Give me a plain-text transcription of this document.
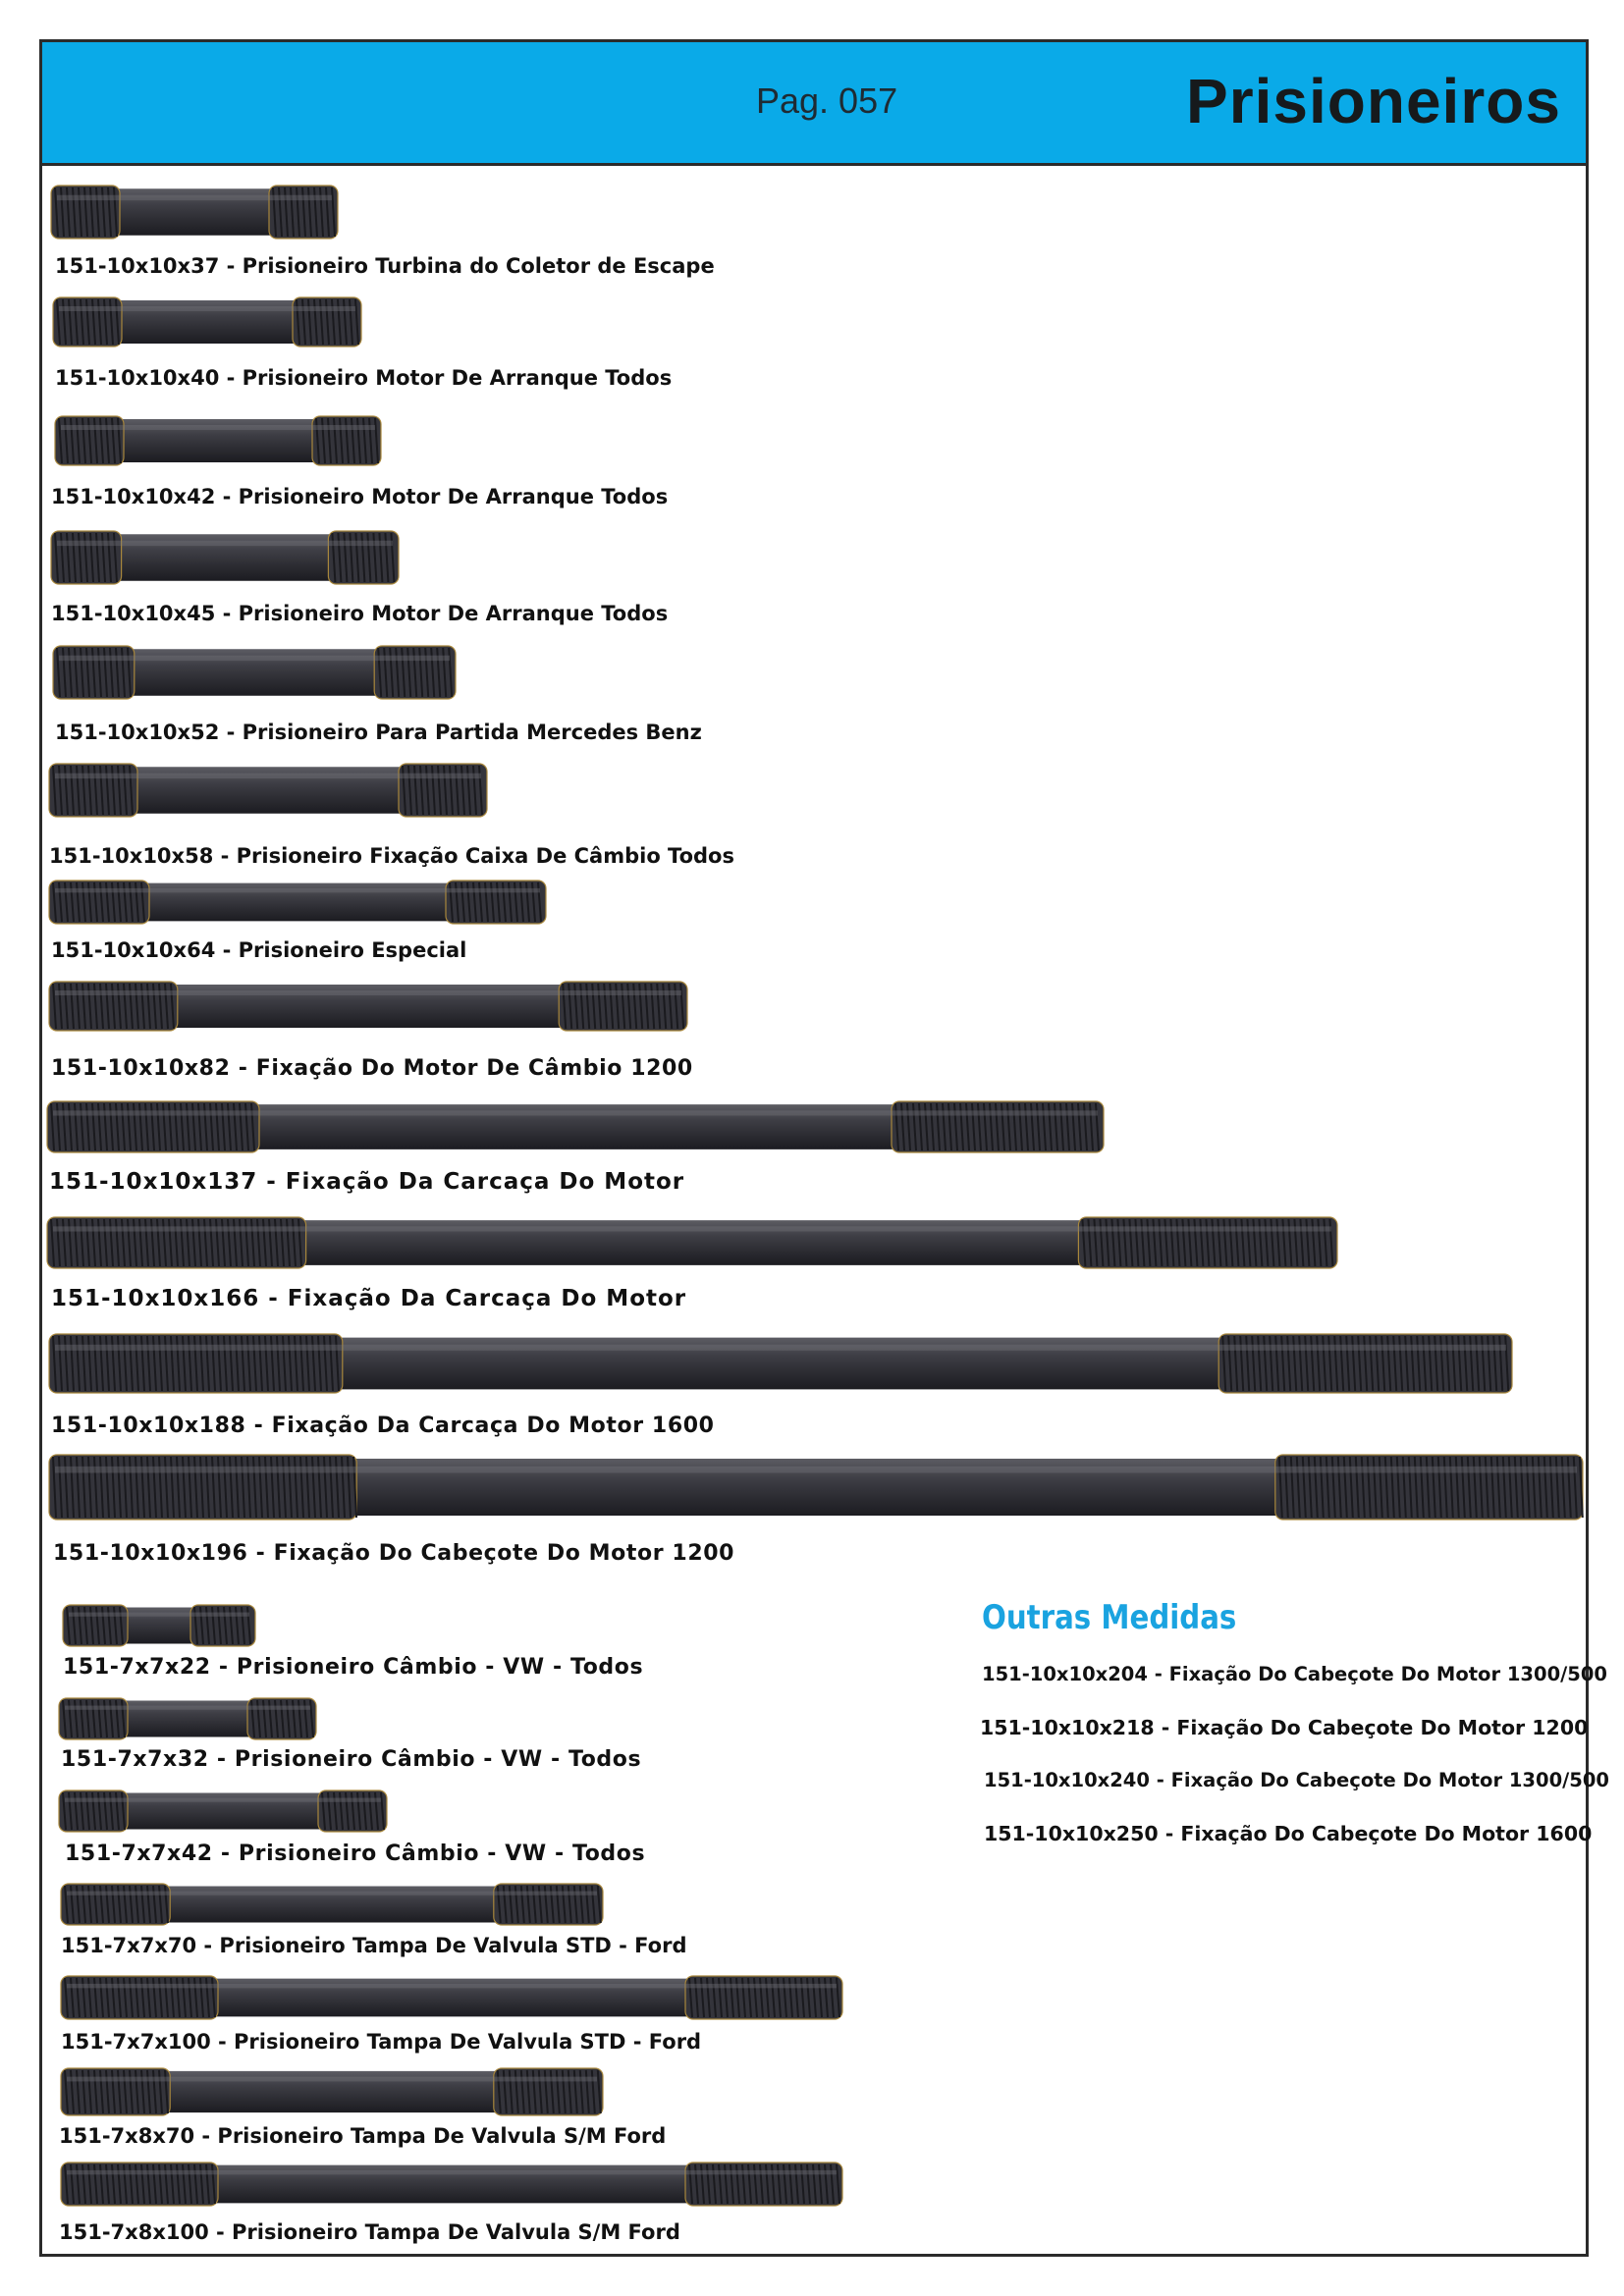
Pag. 057	Prisioneiros
151-10x10x37 - Prisioneiro Turbina do Coletor de Escape
151-10x10x40 - Prisioneiro Motor De Arranque Todos
151-10x10x42 - Prisioneiro Motor De Arranque Todos
151-10x10x45 - Prisioneiro Motor De Arranque Todos
151-10x10x52 - Prisioneiro Para Partida Mercedes Benz
151-10x10x58 - Prisioneiro Fixação Caixa De Câmbio Todos
151-10x10x64 - Prisioneiro Especial
151-10x10x82 - Fixação Do Motor De Câmbio 1200
151-10x10x137 - Fixação Da Carcaça Do Motor
151-10x10x166 - Fixação Da Carcaça Do Motor
151-10x10x188 - Fixação Da Carcaça Do Motor 1600
151-10x10x196 - Fixação Do Cabeçote Do Motor 1200
151-7x7x22 - Prisioneiro Câmbio - VW - Todos
151-7x7x32 - Prisioneiro Câmbio - VW - Todos
151-7x7x42 - Prisioneiro Câmbio - VW - Todos
151-7x7x70 - Prisioneiro Tampa De Valvula STD - Ford
151-7x7x100 - Prisioneiro Tampa De Valvula STD - Ford
151-7x8x70 - Prisioneiro Tampa De Valvula S/M Ford
151-7x8x100 - Prisioneiro Tampa De Valvula S/M Ford
Outras Medidas
151-10x10x204 - Fixação Do Cabeçote Do Motor 1300/500
151-10x10x218 - Fixação Do Cabeçote Do Motor 1200
151-10x10x240 - Fixação Do Cabeçote Do Motor 1300/500
151-10x10x250 - Fixação Do Cabeçote Do Motor 1600
